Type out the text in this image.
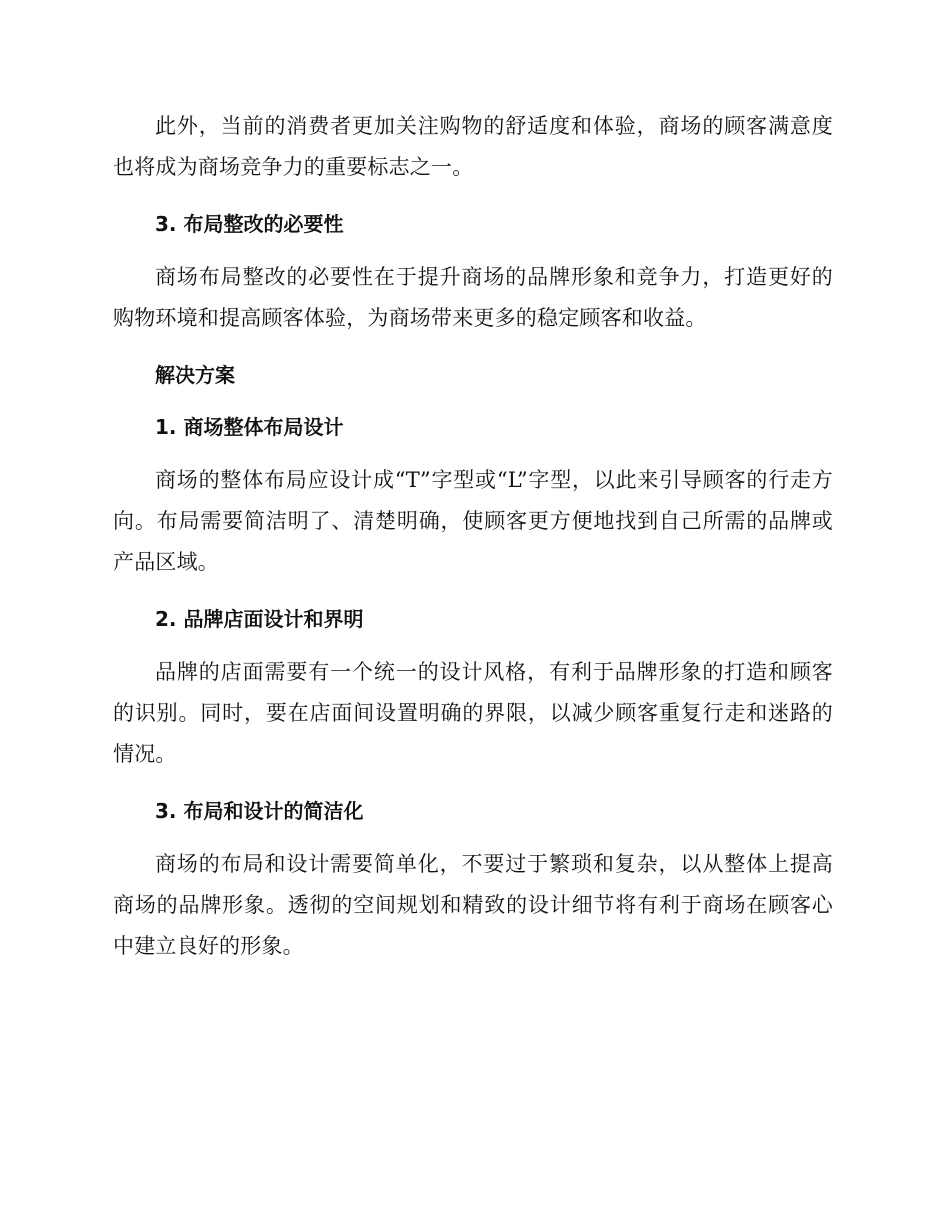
此外，当前的消费者更加关注购物的舒适度和体验，商场的顾客满意度也将成为商场竞争力的重要标志之一。

3. 布局整改的必要性

商场布局整改的必要性在于提升商场的品牌形象和竞争力，打造更好的购物环境和提高顾客体验，为商场带来更多的稳定顾客和收益。

解决方案
1. 商场整体布局设计

商场的整体布局应设计成“T”字型或“L”字型，以此来引导顾客的行走方向。布局需要简洁明了、清楚明确，使顾客更方便地找到自己所需的品牌或产品区域。

2. 品牌店面设计和界明

品牌的店面需要有一个统一的设计风格，有利于品牌形象的打造和顾客的识别。同时，要在店面间设置明确的界限，以减少顾客重复行走和迷路的情况。

3. 布局和设计的简洁化

商场的布局和设计需要简单化，不要过于繁琐和复杂，以从整体上提高商场的品牌形象。透彻的空间规划和精致的设计细节将有利于商场在顾客心中建立良好的形象。
